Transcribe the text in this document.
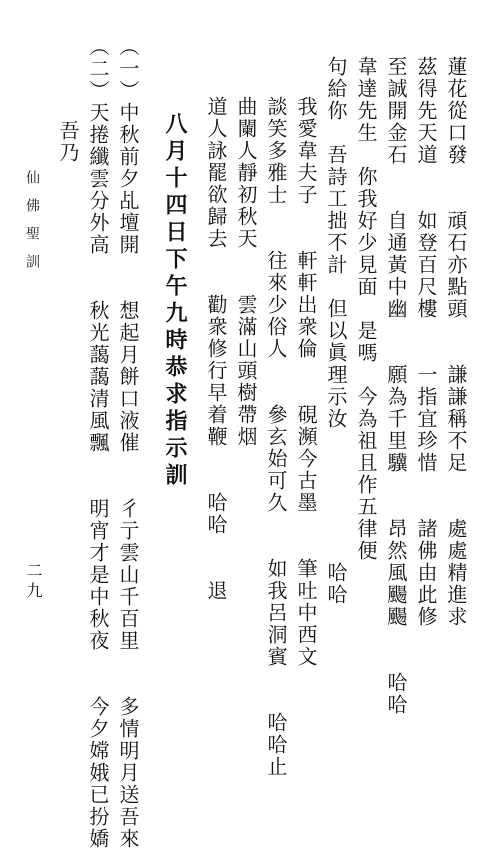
蓮花從口發　　頑石亦點頭　　謙謙稱不足　　處處精進求
茲得先天道　　如登百尺樓　　一指宜珍惜　　諸佛由此修
至誠開金石　　自通黃中幽　　願為千里驥　　昂然風颺颺　　哈哈
韋達先生　你我好少見面　是嗎　今為祖且作五律便
句給你　吾詩工拙不計　但以眞理示汝　　　　　　哈哈
我愛韋夫子　　軒軒出衆倫　　硯瀕今古墨　　筆吐中西文
談笑多雅士　　往來少俗人　　參玄始可久　　如我呂洞賓　　哈哈止
曲闌人靜初秋天　　雲滿山頭樹帶烟
道人詠罷欲歸去　　勸衆修行早着鞭　　哈哈　　退
八月十四日下午九時恭求指示訓
（一）中秋前夕乩壇開　　想起月餅口液催　　彳亍雲山千百里　　多情明月送吾來
（二）天捲纖雲分外高　　秋光藹藹清風飄　　明宵才是中秋夜　　今夕嫦娥已扮嬌
吾乃
仙佛聖訓
二九
